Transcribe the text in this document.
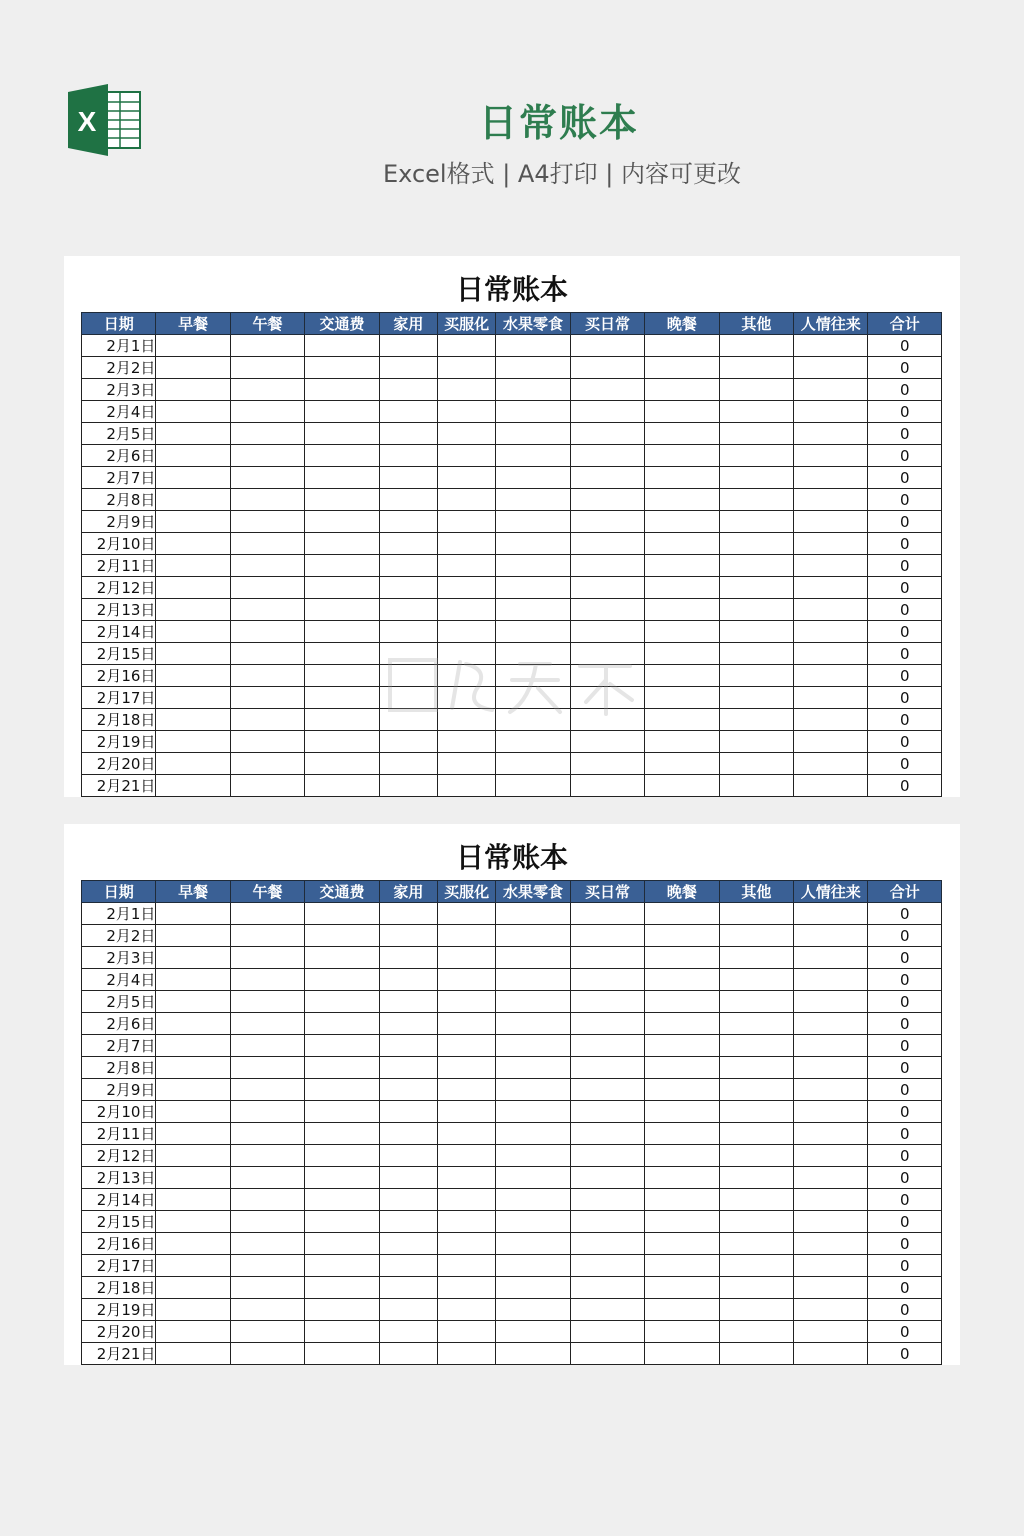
X	日常账本
Excel格式 | A4打印 | 内容可更改
日常账本
日期	早餐	午餐	交通费	家用	买服化	水果零食	买日常	晚餐	其他	人情往来	合计
2月1日											0
2月2日											0
2月3日											0
2月4日											0
2月5日											0
2月6日											0
2月7日											0
2月8日											0
2月9日											0
2月10日											0
2月11日											0
2月12日											0
2月13日											0
2月14日											0
2月15日											0
2月16日											0
2月17日											0
2月18日											0
2月19日											0
2月20日											0
2月21日											0
日常账本
日期	早餐	午餐	交通费	家用	买服化	水果零食	买日常	晚餐	其他	人情往来	合计
2月1日											0
2月2日											0
2月3日											0
2月4日											0
2月5日											0
2月6日											0
2月7日											0
2月8日											0
2月9日											0
2月10日											0
2月11日											0
2月12日											0
2月13日											0
2月14日											0
2月15日											0
2月16日											0
2月17日											0
2月18日											0
2月19日											0
2月20日											0
2月21日											0
